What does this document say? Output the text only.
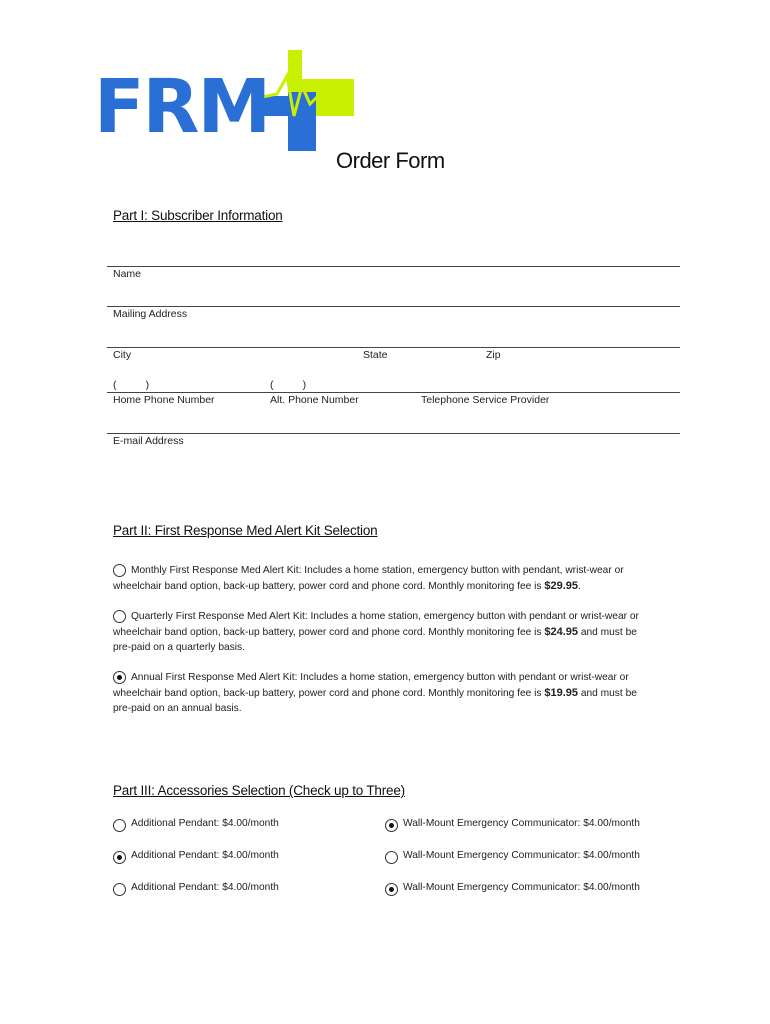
FRM
Order Form
Part I: Subscriber Information
Name
Mailing Address
City	State	Zip
(          )	(          )
Home Phone Number	Alt. Phone Number	Telephone Service Provider
E-mail Address
Part II: First Response Med Alert Kit Selection
Monthly First Response Med Alert Kit: Includes a home station, emergency button with pendant, wrist-wear or wheelchair band option, back-up battery, power cord and phone cord. Monthly monitoring fee is $29.95.
Quarterly First Response Med Alert Kit: Includes a home station, emergency button with pendant or wrist-wear or wheelchair band option, back-up battery, power cord and phone cord. Monthly monitoring fee is $24.95 and must be pre-paid on a quarterly basis.
Annual First Response Med Alert Kit: Includes a home station, emergency button with pendant or wrist-wear or wheelchair band option, back-up battery, power cord and phone cord. Monthly monitoring fee is $19.95 and must be pre-paid on an annual basis.
Part III: Accessories Selection (Check up to Three)
Additional Pendant: $4.00/month	Wall-Mount Emergency Communicator: $4.00/month
Additional Pendant: $4.00/month	Wall-Mount Emergency Communicator: $4.00/month
Additional Pendant: $4.00/month	Wall-Mount Emergency Communicator: $4.00/month
